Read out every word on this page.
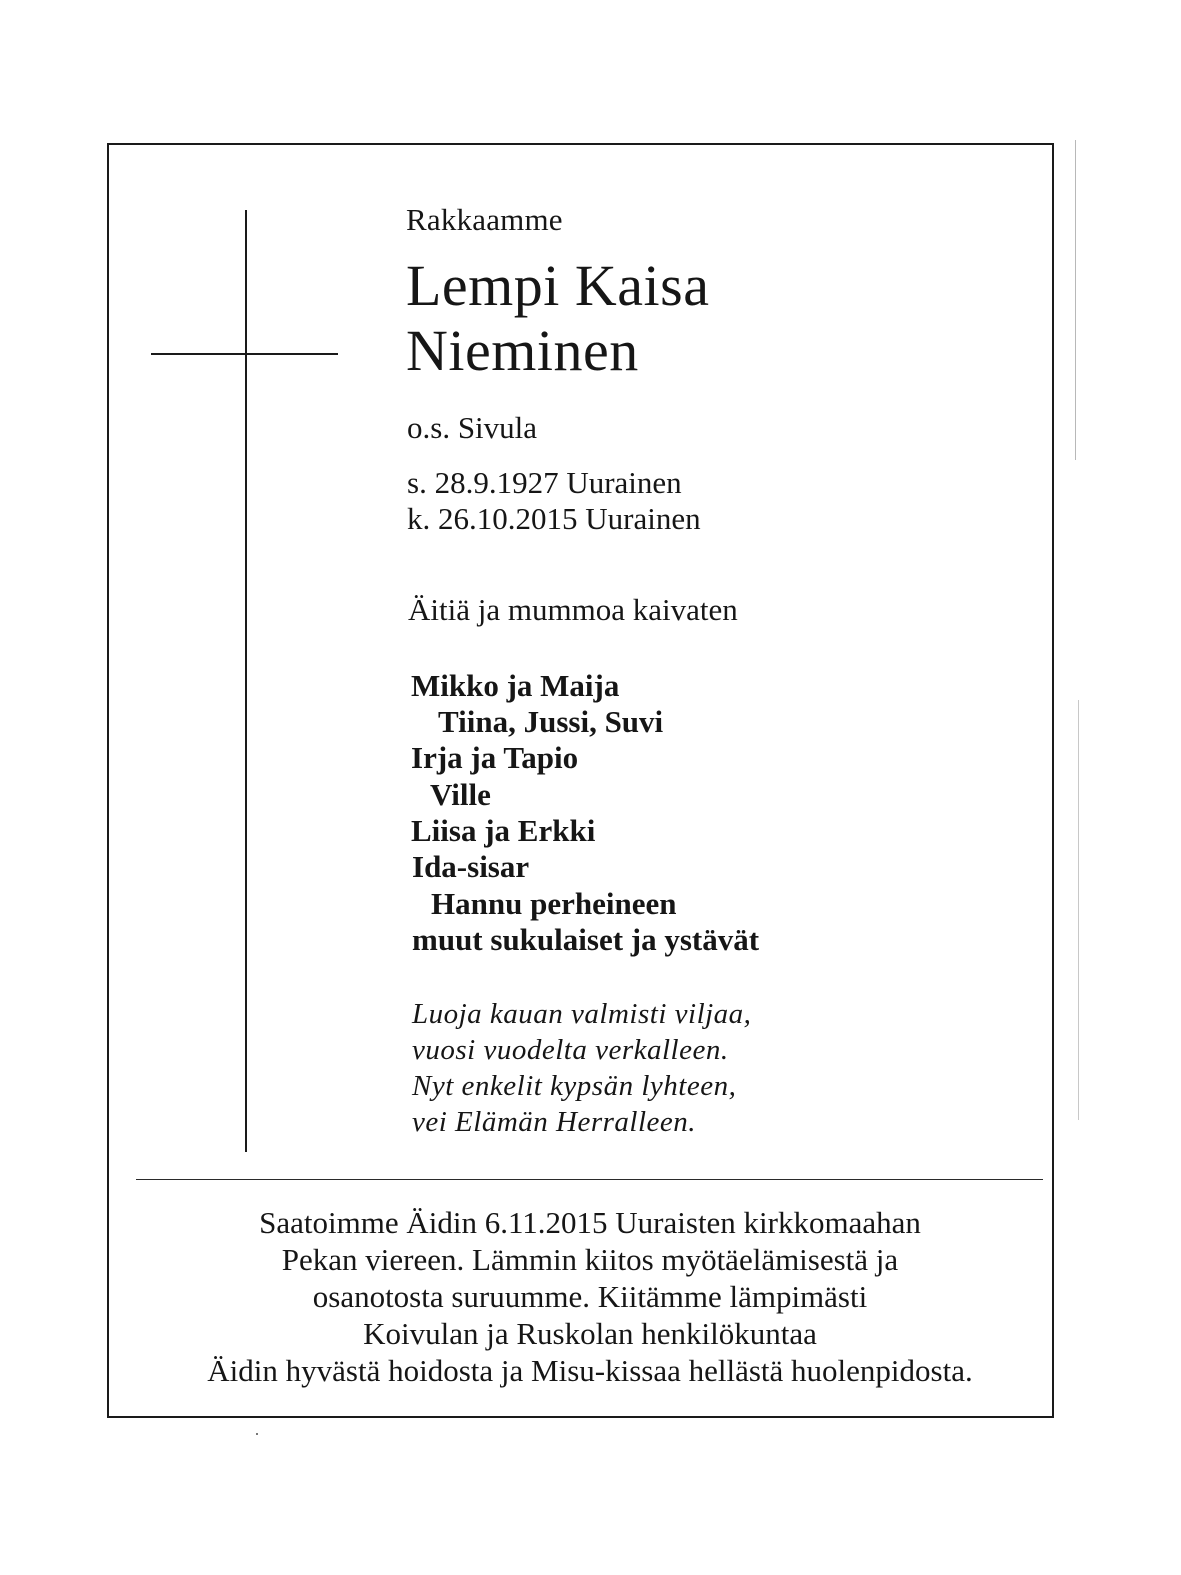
Rakkaamme
Lempi Kaisa
Nieminen
o.s. Sivula
s. 28.9.1927 Uurainen
k. 26.10.2015 Uurainen
Äitiä ja mummoa kaivaten
Mikko ja Maija
Tiina, Jussi, Suvi
Irja ja Tapio
Ville
Liisa ja Erkki
Ida-sisar
Hannu perheineen
muut sukulaiset ja ystävät
Luoja kauan valmisti viljaa,
vuosi vuodelta verkalleen.
Nyt enkelit kypsän lyhteen,
vei Elämän Herralleen.
Saatoimme Äidin 6.11.2015 Uuraisten kirkkomaahan
Pekan viereen. Lämmin kiitos myötäelämisestä ja
osanotosta suruumme. Kiitämme lämpimästi
Koivulan ja Ruskolan henkilökuntaa
Äidin hyvästä hoidosta ja Misu-kissaa hellästä huolenpidosta.
